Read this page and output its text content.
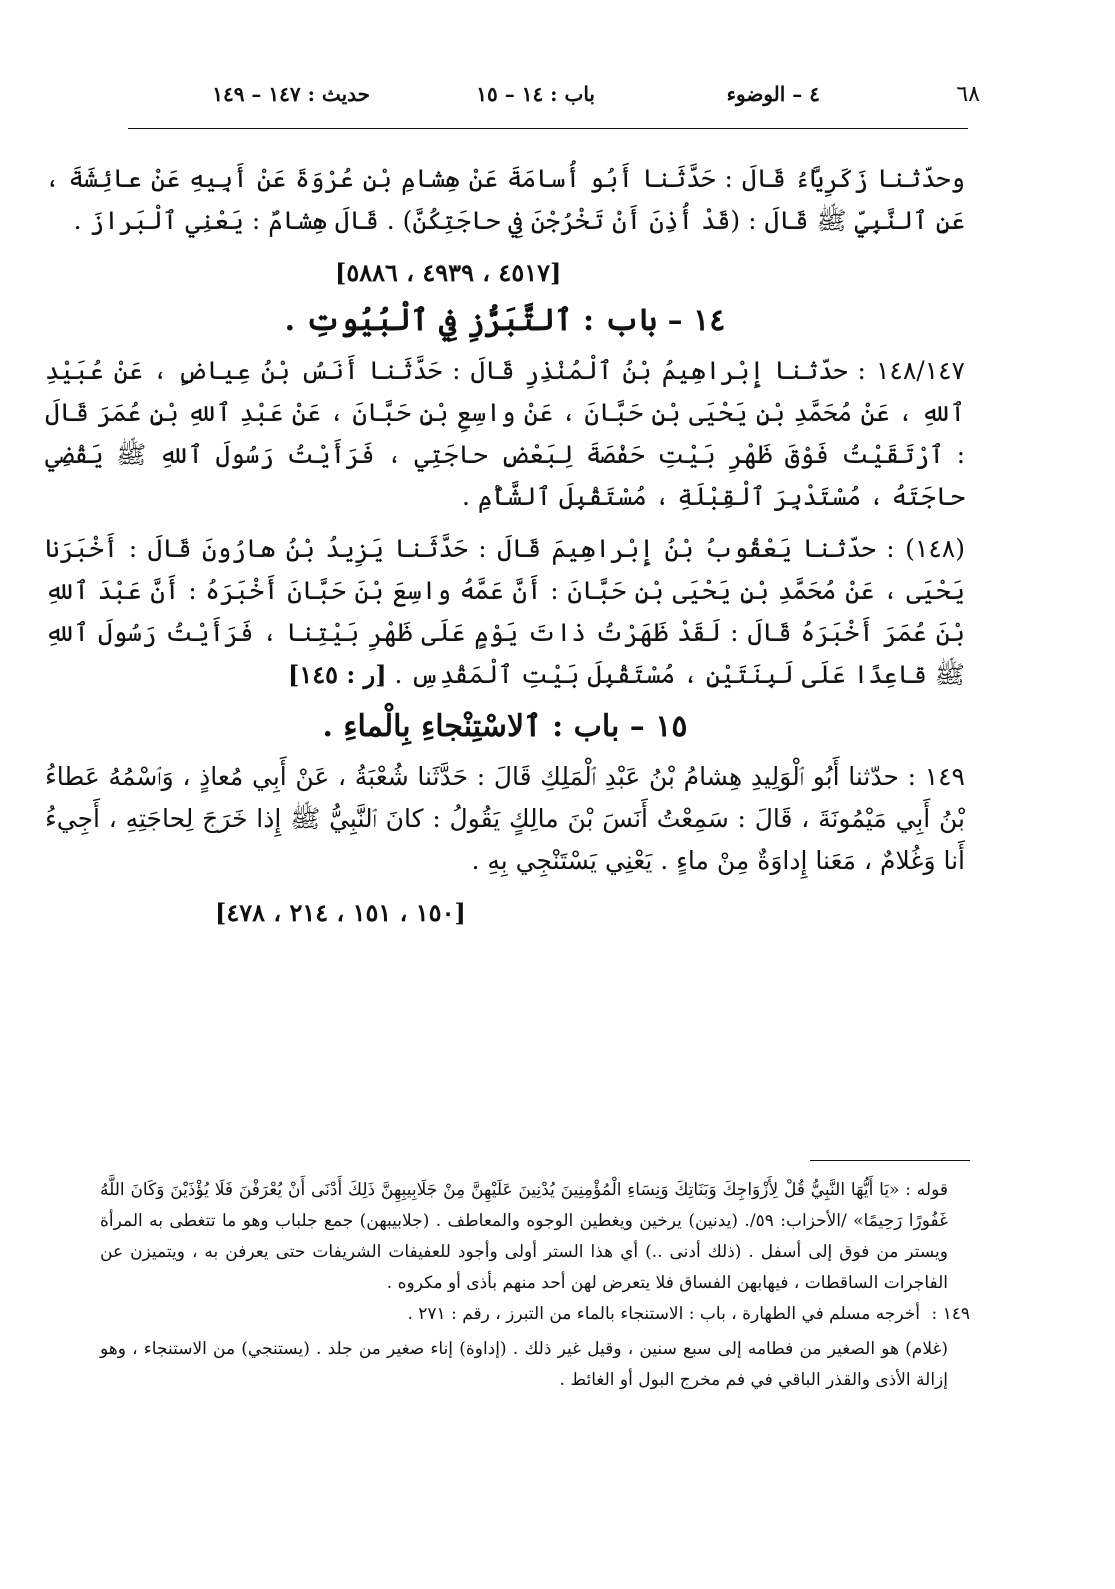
٦٨
٤ – الوضوء
باب : ١٤ – ١٥
حديث : ١٤٧ – ١٤٩

وحدّثنا زَكَرِيَّاءُ قَالَ : حَدَّثَنا أَبُو أُسامَةَ عَنْ هِشامِ بْنِ عُرْوَةَ عَنْ أَبِيهِ عَنْ عائِشَةَ ، عَنِ ٱلنَّبِيِّ ﷺ قَالَ : (قَدْ أُذِنَ أَنْ تَخْرُجْنَ فِي حاجَتِكُنَّ) . قَالَ هِشامٌ : يَعْنِي ٱلْبَرازَ .

[٤٥١٧ ، ٤٩٣٩ ، ٥٨٨٦]

١٤ – باب : ٱلتَّبَرُّزِ فِي ٱلْبُيُوتِ .

١٤٨/١٤٧ : حدّثنا إِبْراهِيمُ بْنُ ٱلْمُنْذِرِ قَالَ : حَدَّثَنا أَنَسُ بْنُ عِياضٍ ، عَنْ عُبَيْدِ ٱللهِ ، عَنْ مُحَمَّدِ بْنِ يَحْيَى بْنِ حَبَّانَ ، عَنْ واسِعِ بْنِ حَبَّانَ ، عَنْ عَبْدِ ٱللهِ بْنِ عُمَرَ قَالَ : ٱرْتَقَيْتُ فَوْقَ ظَهْرِ بَيْتِ حَفْصَةَ لِبَعْضِ حاجَتِي ، فَرَأَيْتُ رَسُولَ ٱللهِ ﷺ يَقْضِي حاجَتَهُ ، مُسْتَدْبِرَ ٱلْقِبْلَةِ ، مُسْتَقْبِلَ ٱلشَّأْمِ .

(١٤٨) : حدّثنا يَعْقُوبُ بْنُ إِبْراهِيمَ قَالَ : حَدَّثَنا يَزِيدُ بْنُ هارُونَ قَالَ : أَخْبَرَنا يَحْيَى ، عَنْ مُحَمَّدِ بْنِ يَحْيَى بْنِ حَبَّانَ : أَنَّ عَمَّهُ واسِعَ بْنَ حَبَّانَ أَخْبَرَهُ : أَنَّ عَبْدَ ٱللهِ بْنَ عُمَرَ أَخْبَرَهُ قَالَ : لَقَدْ ظَهَرْتُ ذاتَ يَوْمٍ عَلَى ظَهْرِ بَيْتِنا ، فَرَأَيْتُ رَسُولَ ٱللهِ ﷺ قاعِدًا عَلَى لَبِنَتَيْنِ ، مُسْتَقْبِلَ بَيْتِ ٱلْمَقْدِسِ . [ر : ١٤٥]

١٥ – باب : ٱلاسْتِنْجاءِ بِالْماءِ .

١٤٩ : حدّثنا أَبُو ٱلْوَلِيدِ هِشامُ بْنُ عَبْدِ ٱلْمَلِكِ قَالَ : حَدَّثَنا شُعْبَةُ ، عَنْ أَبِي مُعاذٍ ، وَٱسْمُهُ عَطاءُ بْنُ أَبِي مَيْمُونَةَ ، قَالَ : سَمِعْتُ أَنَسَ بْنَ مالِكٍ يَقُولُ : كانَ ٱلنَّبِيُّ ﷺ إِذا خَرَجَ لِحاجَتِهِ ، أَجِيءُ أَنا وَغُلامٌ ، مَعَنا إِداوَةٌ مِنْ ماءٍ . يَعْنِي يَسْتَنْجِي بِهِ .

[١٥٠ ، ١٥١ ، ٢١٤ ، ٤٧٨]

قوله : «يَا أَيُّهَا النَّبِيُّ قُلْ لِأَزْوَاجِكَ وَبَنَاتِكَ وَنِسَاءِ الْمُؤْمِنِينَ يُدْنِينَ عَلَيْهِنَّ مِنْ جَلَابِيبِهِنَّ ذَلِكَ أَدْنَى أَنْ يُعْرَفْنَ فَلَا يُؤْذَيْنَ وَكَانَ اللَّهُ غَفُورًا رَحِيمًا» /الأحزاب: ٥٩/. (يدنين) يرخين ويغطين الوجوه والمعاطف . (جلابيبهن) جمع جلباب وهو ما تتغطى به المرأة ويستر من فوق إلى أسفل . (ذلك أدنى ..) أي هذا الستر أولى وأجود للعفيفات الشريفات حتى يعرفن به ، ويتميزن عن الفاجرات الساقطات ، فيهابهن الفساق فلا يتعرض لهن أحد منهم بأذى أو مكروه .

١٤٩ : أخرجه مسلم في الطهارة ، باب : الاستنجاء بالماء من التبرز ، رقم : ٢٧١ .

(غلام) هو الصغير من فطامه إلى سبع سنين ، وقيل غير ذلك . (إداوة) إناء صغير من جلد . (يستنجي) من الاستنجاء ، وهو إزالة الأذى والقذر الباقي في فم مخرج البول أو الغائط .
